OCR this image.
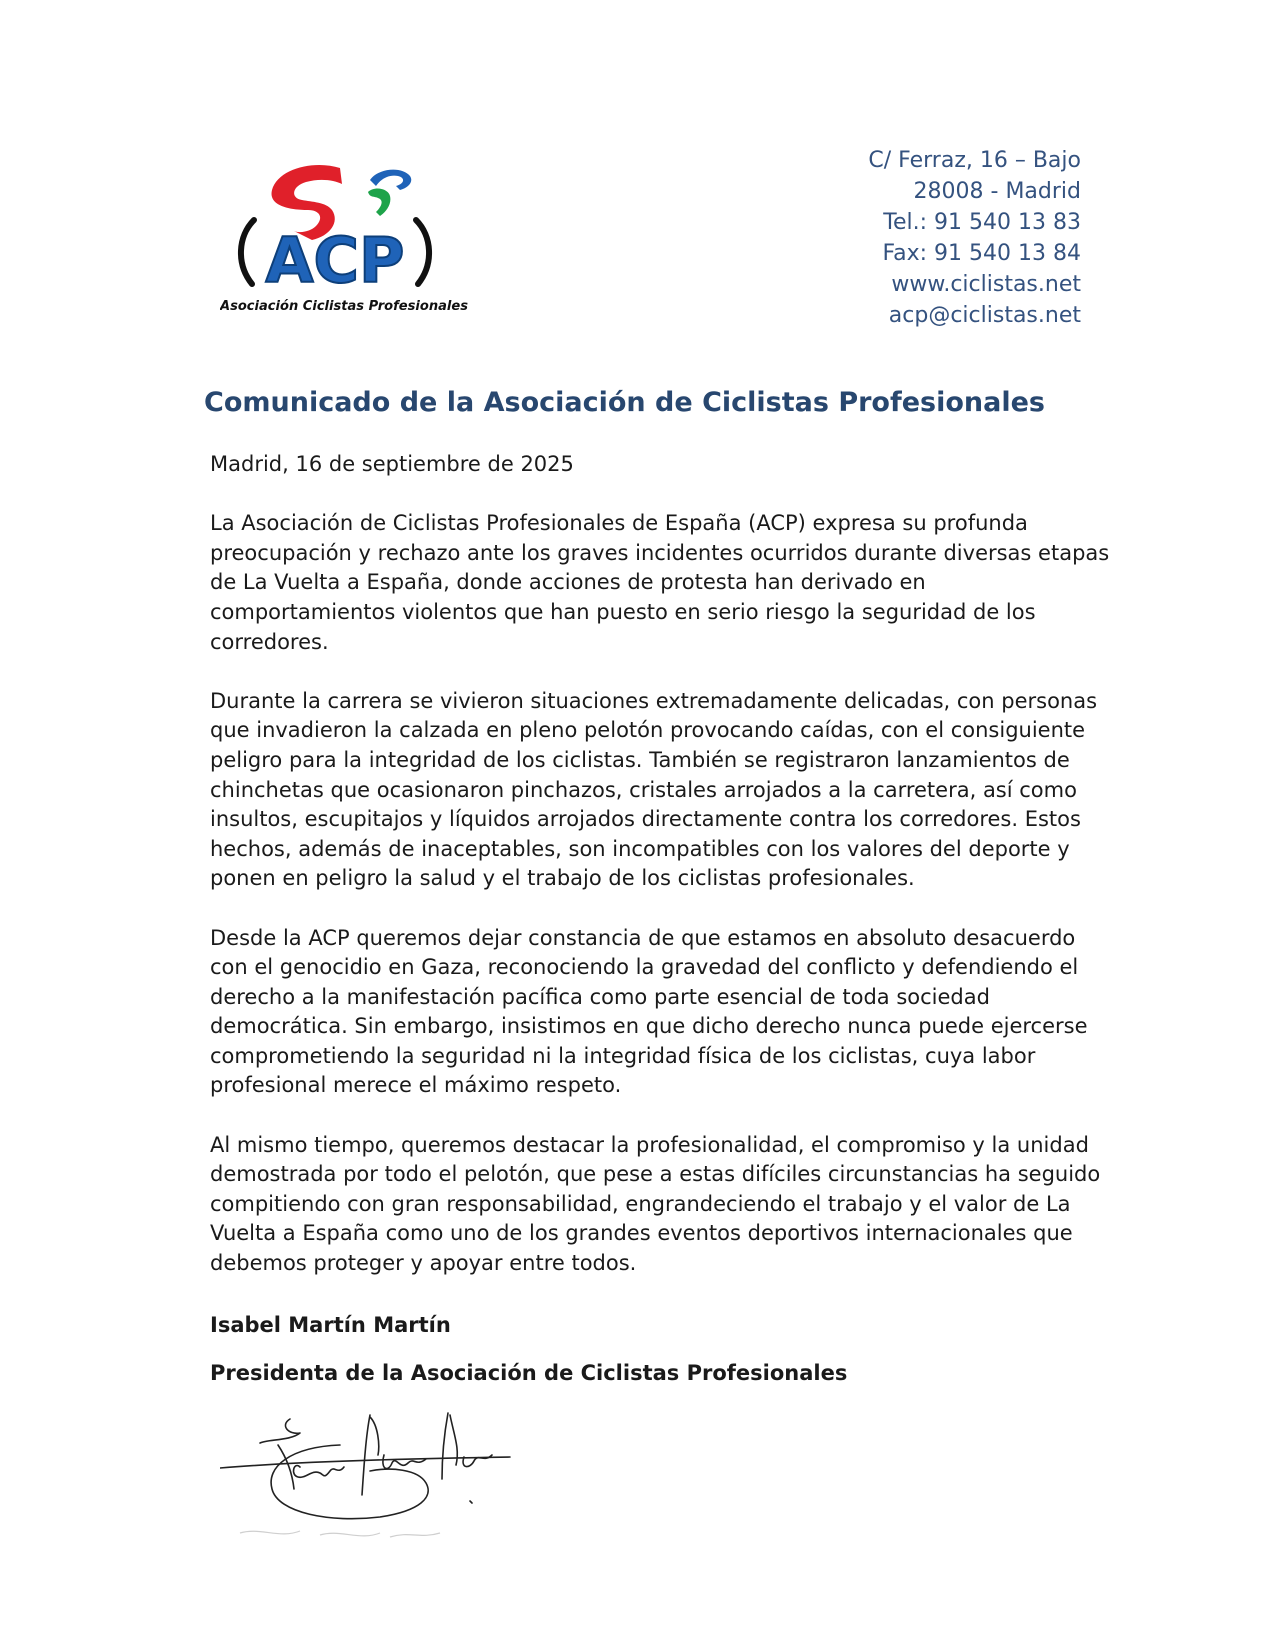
ACP
Asociación Ciclistas Profesionales
C/ Ferraz, 16 – Bajo
28008 - Madrid
Tel.: 91 540 13 83
Fax: 91 540 13 84
www.ciclistas.net
acp@ciclistas.net
Comunicado de la Asociación de Ciclistas Profesionales

Madrid, 16 de septiembre de 2025

La Asociación de Ciclistas Profesionales de España (ACP) expresa su profunda preocupación y rechazo ante los graves incidentes ocurridos durante diversas etapas de La Vuelta a España, donde acciones de protesta han derivado en comportamientos violentos que han puesto en serio riesgo la seguridad de los corredores.

Durante la carrera se vivieron situaciones extremadamente delicadas, con personas que invadieron la calzada en pleno pelotón provocando caídas, con el consiguiente peligro para la integridad de los ciclistas. También se registraron lanzamientos de chinchetas que ocasionaron pinchazos, cristales arrojados a la carretera, así como insultos, escupitajos y líquidos arrojados directamente contra los corredores. Estos hechos, además de inaceptables, son incompatibles con los valores del deporte y ponen en peligro la salud y el trabajo de los ciclistas profesionales.

Desde la ACP queremos dejar constancia de que estamos en absoluto desacuerdo con el genocidio en Gaza, reconociendo la gravedad del conflicto y defendiendo el derecho a la manifestación pacífica como parte esencial de toda sociedad democrática. Sin embargo, insistimos en que dicho derecho nunca puede ejercerse comprometiendo la seguridad ni la integridad física de los ciclistas, cuya labor profesional merece el máximo respeto.

Al mismo tiempo, queremos destacar la profesionalidad, el compromiso y la unidad demostrada por todo el pelotón, que pese a estas difíciles circunstancias ha seguido compitiendo con gran responsabilidad, engrandeciendo el trabajo y el valor de La Vuelta a España como uno de los grandes eventos deportivos internacionales que debemos proteger y apoyar entre todos.

Isabel Martín Martín
Presidenta de la Asociación de Ciclistas Profesionales
